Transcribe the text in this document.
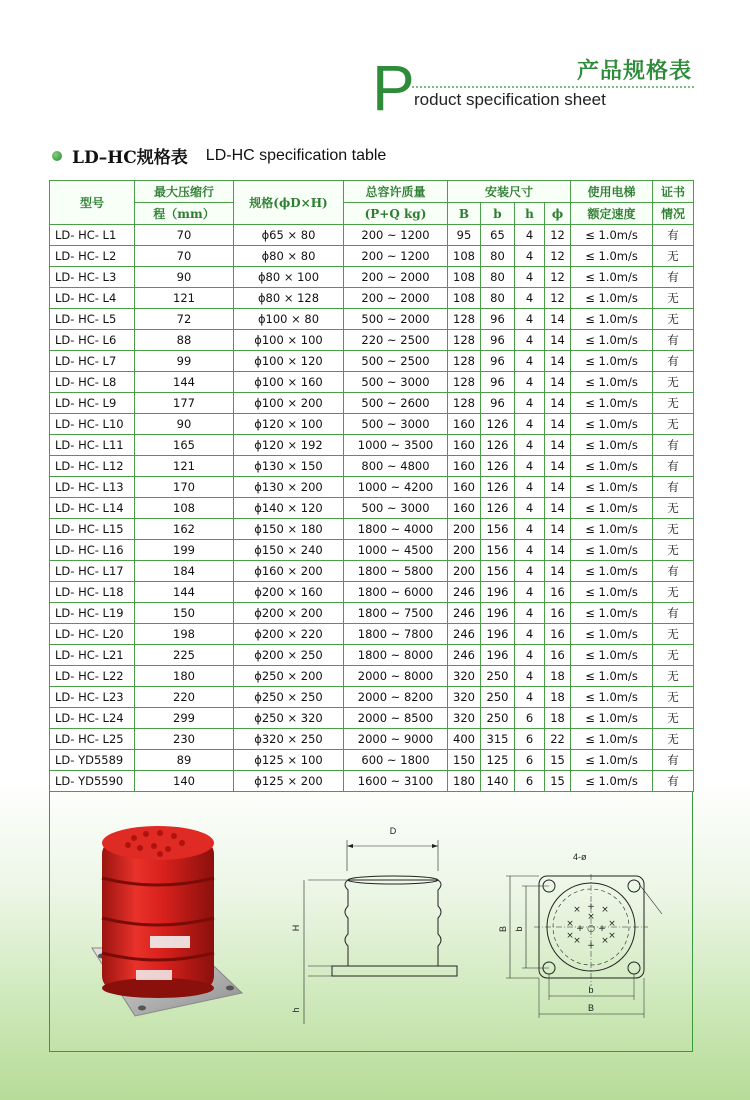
P	产品规格表
roduct specification sheet
LD–HC规格表 LD-HC specification table
型号	最大压缩行	规格(ϕD×H)	总容许质量	安装尺寸				使用电梯	证书
	程（mm）		(P+Q kg)	B	b	h	ϕ	额定速度	情况
LD- HC- L1	70	ϕ65 × 80	200 ~ 1200	95	65	4	12	≤ 1.0m/s	有
LD- HC- L2	70	ϕ80 × 80	200 ~ 1200	108	80	4	12	≤ 1.0m/s	无
LD- HC- L3	90	ϕ80 × 100	200 ~ 2000	108	80	4	12	≤ 1.0m/s	有
LD- HC- L4	121	ϕ80 × 128	200 ~ 2000	108	80	4	12	≤ 1.0m/s	无
LD- HC- L5	72	ϕ100 × 80	500 ~ 2000	128	96	4	14	≤ 1.0m/s	无
LD- HC- L6	88	ϕ100 × 100	220 ~ 2500	128	96	4	14	≤ 1.0m/s	有
LD- HC- L7	99	ϕ100 × 120	500 ~ 2500	128	96	4	14	≤ 1.0m/s	有
LD- HC- L8	144	ϕ100 × 160	500 ~ 3000	128	96	4	14	≤ 1.0m/s	无
LD- HC- L9	177	ϕ100 × 200	500 ~ 2600	128	96	4	14	≤ 1.0m/s	无
LD- HC- L10	90	ϕ120 × 100	500 ~ 3000	160	126	4	14	≤ 1.0m/s	无
LD- HC- L11	165	ϕ120 × 192	1000 ~ 3500	160	126	4	14	≤ 1.0m/s	有
LD- HC- L12	121	ϕ130 × 150	800 ~ 4800	160	126	4	14	≤ 1.0m/s	有
LD- HC- L13	170	ϕ130 × 200	1000 ~ 4200	160	126	4	14	≤ 1.0m/s	有
LD- HC- L14	108	ϕ140 × 120	500 ~ 3000	160	126	4	14	≤ 1.0m/s	无
LD- HC- L15	162	ϕ150 × 180	1800 ~ 4000	200	156	4	14	≤ 1.0m/s	无
LD- HC- L16	199	ϕ150 × 240	1000 ~ 4500	200	156	4	14	≤ 1.0m/s	无
LD- HC- L17	184	ϕ160 × 200	1800 ~ 5800	200	156	4	14	≤ 1.0m/s	有
LD- HC- L18	144	ϕ200 × 160	1800 ~ 6000	246	196	4	16	≤ 1.0m/s	无
LD- HC- L19	150	ϕ200 × 200	1800 ~ 7500	246	196	4	16	≤ 1.0m/s	有
LD- HC- L20	198	ϕ200 × 220	1800 ~ 7800	246	196	4	16	≤ 1.0m/s	无
LD- HC- L21	225	ϕ200 × 250	1800 ~ 8000	246	196	4	16	≤ 1.0m/s	无
LD- HC- L22	180	ϕ250 × 200	2000 ~ 8000	320	250	4	18	≤ 1.0m/s	无
LD- HC- L23	220	ϕ250 × 250	2000 ~ 8200	320	250	4	18	≤ 1.0m/s	无
LD- HC- L24	299	ϕ250 × 320	2000 ~ 8500	320	250	6	18	≤ 1.0m/s	无
LD- HC- L25	230	ϕ320 × 250	2000 ~ 9000	400	315	6	22	≤ 1.0m/s	无
LD- YD5589	89	ϕ125 × 100	600 ~ 1800	150	125	6	15	≤ 1.0m/s	有
LD- YD5590	140	ϕ125 × 200	1600 ~ 3100	180	140	6	15	≤ 1.0m/s	有
D
H
h
+
× ×
×	×
+ +
○
× ×
+
×	×
×
4-ø
B b
b
B
